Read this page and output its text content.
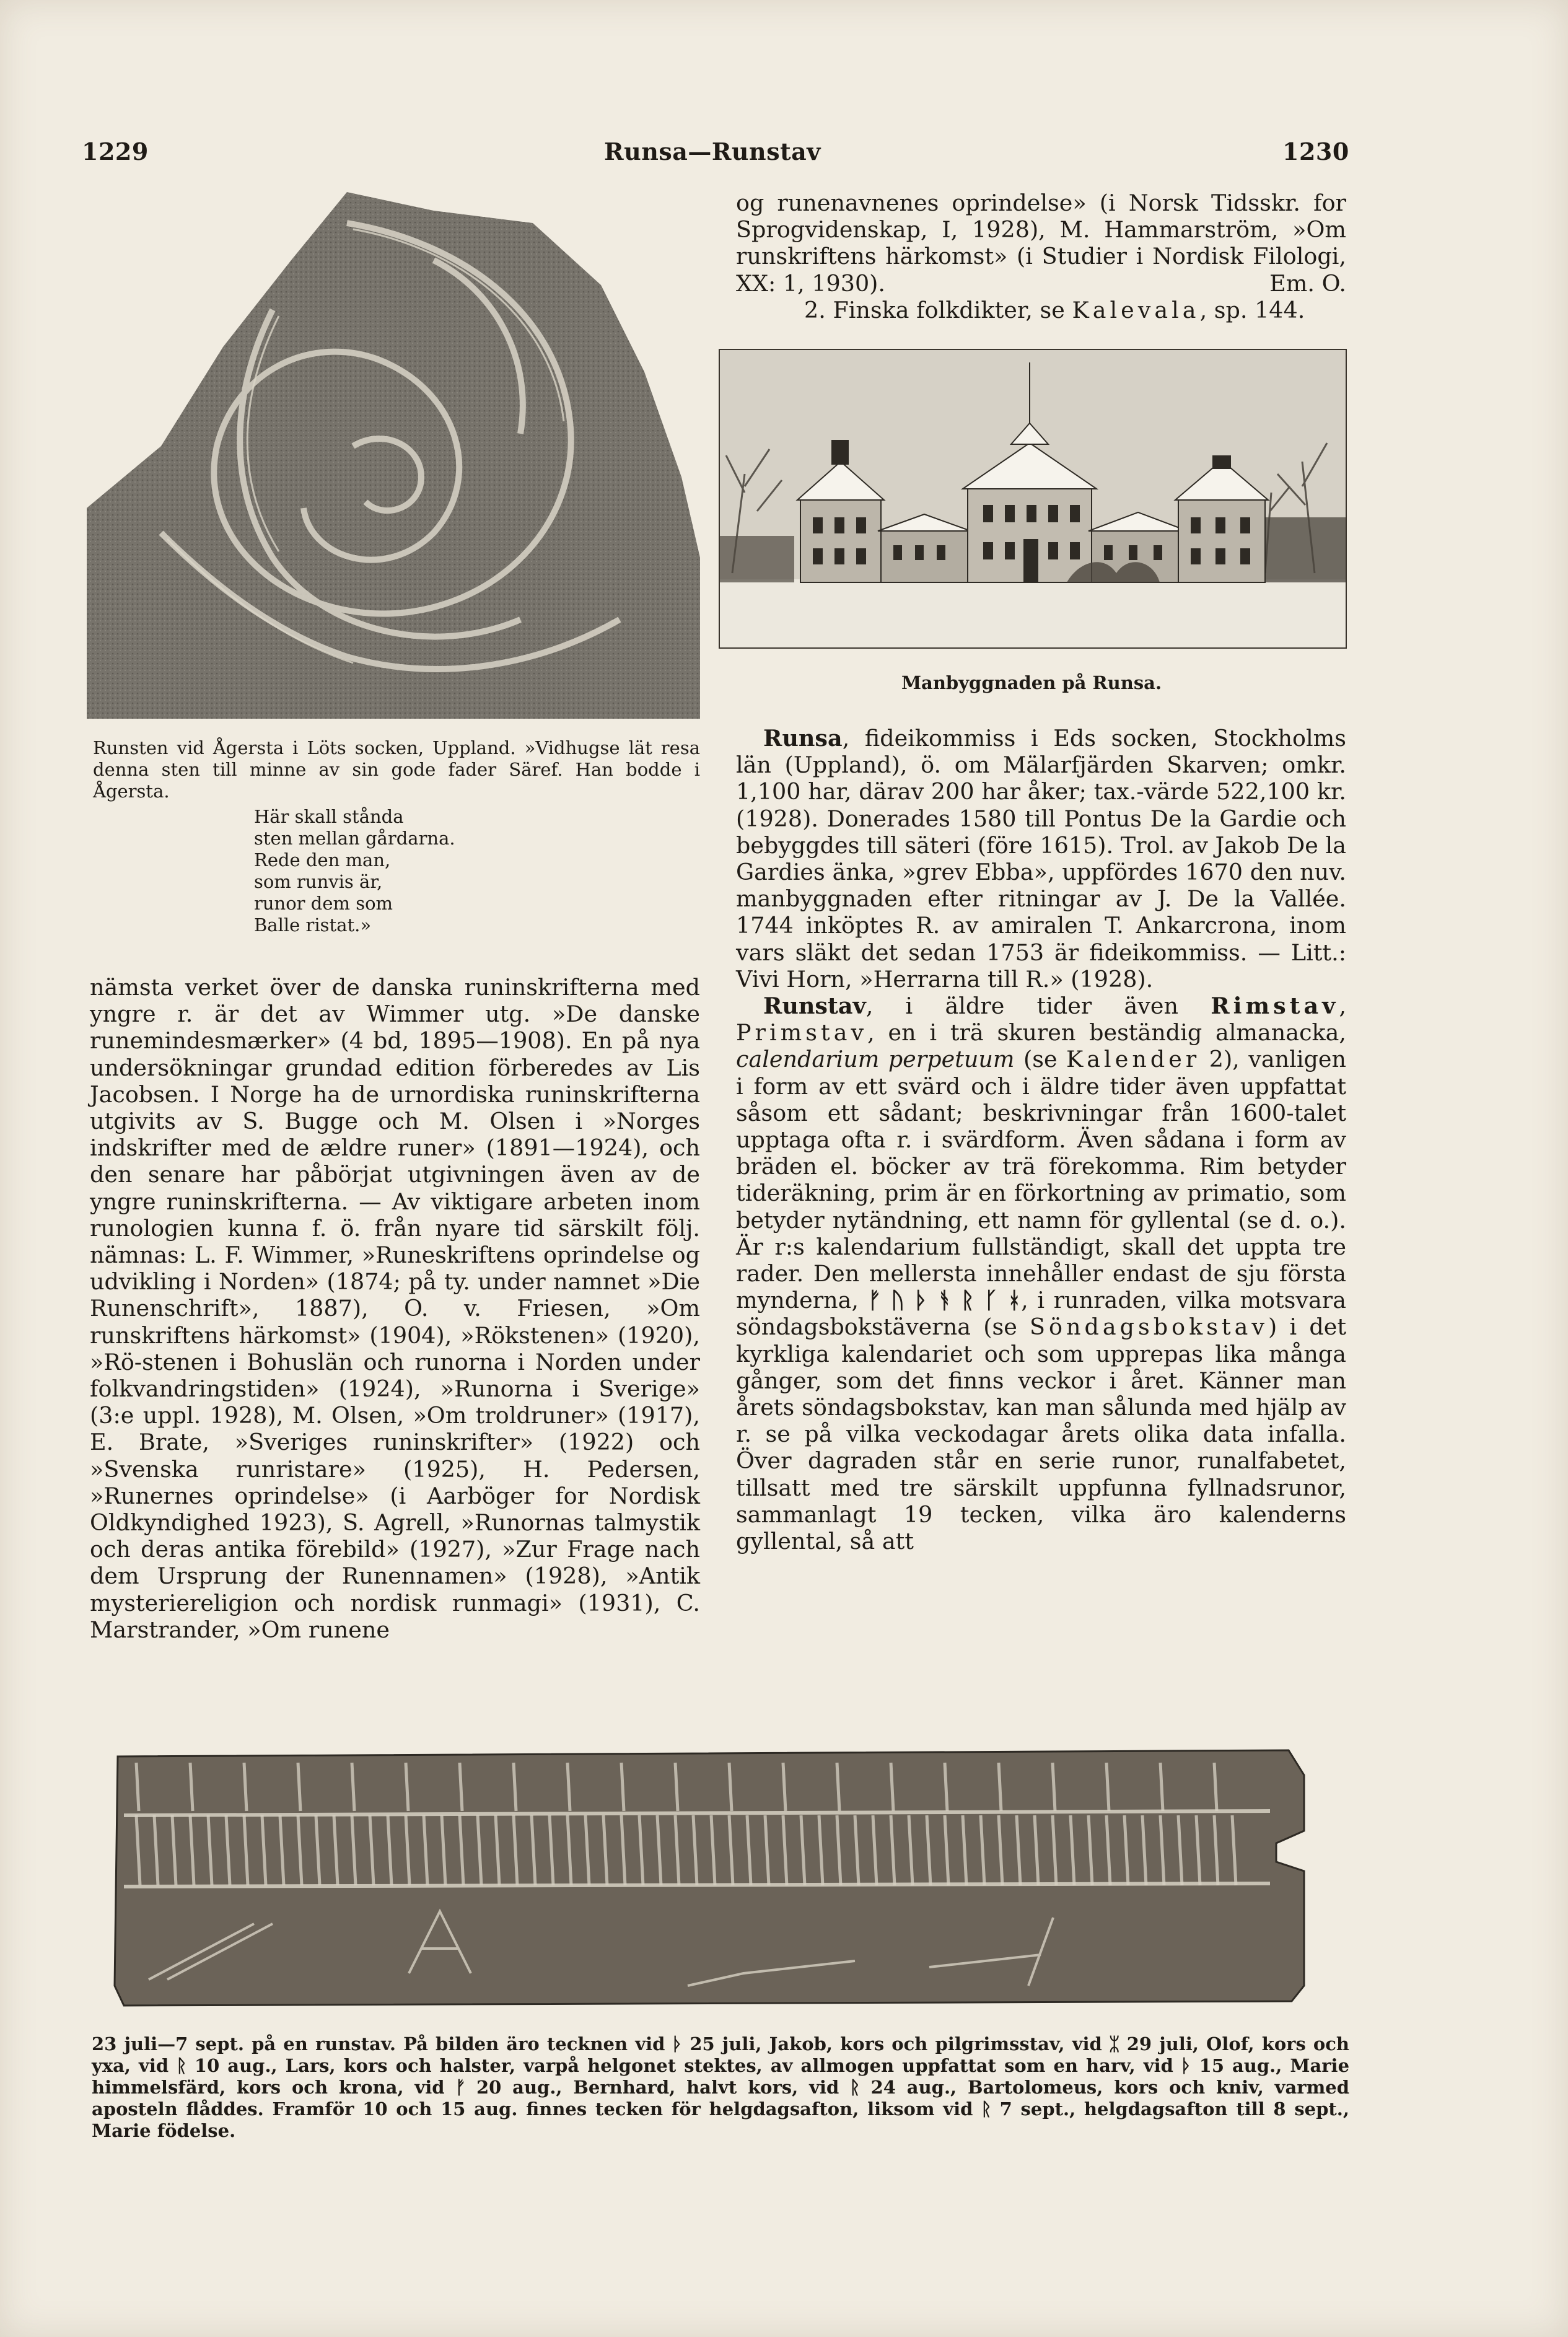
1229	Runsa—Runstav	1230
Runsten vid Ågersta i Löts socken, Uppland. »Vidhugse lät resa denna sten till minne av sin gode fader Säref. Han bodde i Ågersta.
Här skall stånda
sten mellan gårdarna.
Rede den man,
som runvis är,
runor dem som
Balle ristat.»

nämsta verket över de danska runinskrifterna med yngre r. är det av Wimmer utg. »De danske runemindesmærker» (4 bd, 1895—1908). En på nya undersökningar grundad edition förberedes av Lis Jacobsen. I Norge ha de urnordiska runinskrifterna utgivits av S. Bugge och M. Olsen i »Norges indskrifter med de ældre runer» (1891—1924), och den senare har påbörjat utgivningen även av de yngre runinskrifterna. — Av viktigare arbeten inom runologien kunna f. ö. från nyare tid särskilt följ. nämnas: L. F. Wimmer, »Runeskriftens oprindelse og udvikling i Norden» (1874; på ty. under namnet »Die Runenschrift», 1887), O. v. Friesen, »Om runskriftens härkomst» (1904), »Rökstenen» (1920), »Rö-stenen i Bohuslän och runorna i Norden under folkvandringstiden» (1924), »Runorna i Sverige» (3:e uppl. 1928), M. Olsen, »Om troldruner» (1917), E. Brate, »Sveriges runinskrifter» (1922) och »Svenska runristare» (1925), H. Pedersen, »Runernes oprindelse» (i Aarböger for Nordisk Oldkyndighed 1923), S. Agrell, »Runornas talmystik och deras antika förebild» (1927), »Zur Frage nach dem Ursprung der Runennamen» (1928), »Antik mysteriereligion och nordisk runmagi» (1931), C. Marstrander, »Om runene

og runenavnenes oprindelse» (i Norsk Tidsskr. for Sprogvidenskap, I, 1928), M. Hammarström, »Om runskriftens härkomst» (i Studier i Nordisk Filologi, XX: 1, 1930).	Em. O.

2. Finska folkdikter, se Kalevala, sp. 144.

Manbyggnaden på Runsa.

Runsa, fideikommiss i Eds socken, Stockholms län (Uppland), ö. om Mälarfjärden Skarven; omkr. 1,100 har, därav 200 har åker; tax.-värde 522,100 kr. (1928). Donerades 1580 till Pontus De la Gardie och bebyggdes till säteri (före 1615). Trol. av Jakob De la Gardies änka, »grev Ebba», uppfördes 1670 den nuv. manbyggnaden efter ritningar av J. De la Vallée. 1744 inköptes R. av amiralen T. Ankarcrona, inom vars släkt det sedan 1753 är fideikommiss. — Litt.: Vivi Horn, »Herrarna till R.» (1928).

Runstav, i äldre tider även Rimstav, Primstav, en i trä skuren beständig almanacka, calendarium perpetuum (se Kalender 2), vanligen i form av ett svärd och i äldre tider även uppfattat såsom ett sådant; beskrivningar från 1600-talet upptaga ofta r. i svärdform. Även sådana i form av bräden el. böcker av trä förekomma. Rim betyder tideräkning, prim är en förkortning av primatio, som betyder nytändning, ett namn för gyllental (se d. o.). Är r:s kalendarium fullständigt, skall det uppta tre rader. Den mellersta innehåller endast de sju första mynderna, ᚠ ᚢ ᚦ ᚬ ᚱ ᚴ ᚼ, i runraden, vilka motsvara söndagsbokstäverna (se Söndagsbokstav) i det kyrkliga kalendariet och som upprepas lika många gånger, som det finns veckor i året. Känner man årets söndagsbokstav, kan man sålunda med hjälp av r. se på vilka veckodagar årets olika data infalla. Över dagraden står en serie runor, runalfabetet, tillsatt med tre särskilt uppfunna fyllnadsrunor, sammanlagt 19 tecken, vilka äro kalenderns gyllental, så att

23 juli—7 sept. på en runstav. På bilden äro tecknen vid ᚦ 25 juli, Jakob, kors och pilgrimsstav, vid ᛯ 29 juli, Olof, kors och yxa, vid ᚱ 10 aug., Lars, kors och halster, varpå helgonet stektes, av allmogen uppfattat som en harv, vid ᚦ 15 aug., Marie himmelsfärd, kors och krona, vid ᚠ 20 aug., Bernhard, halvt kors, vid ᚱ 24 aug., Bartolomeus, kors och kniv, varmed aposteln flåddes. Framför 10 och 15 aug. finnes tecken för helgdagsafton, liksom vid ᚱ 7 sept., helgdagsafton till 8 sept., Marie födelse.
